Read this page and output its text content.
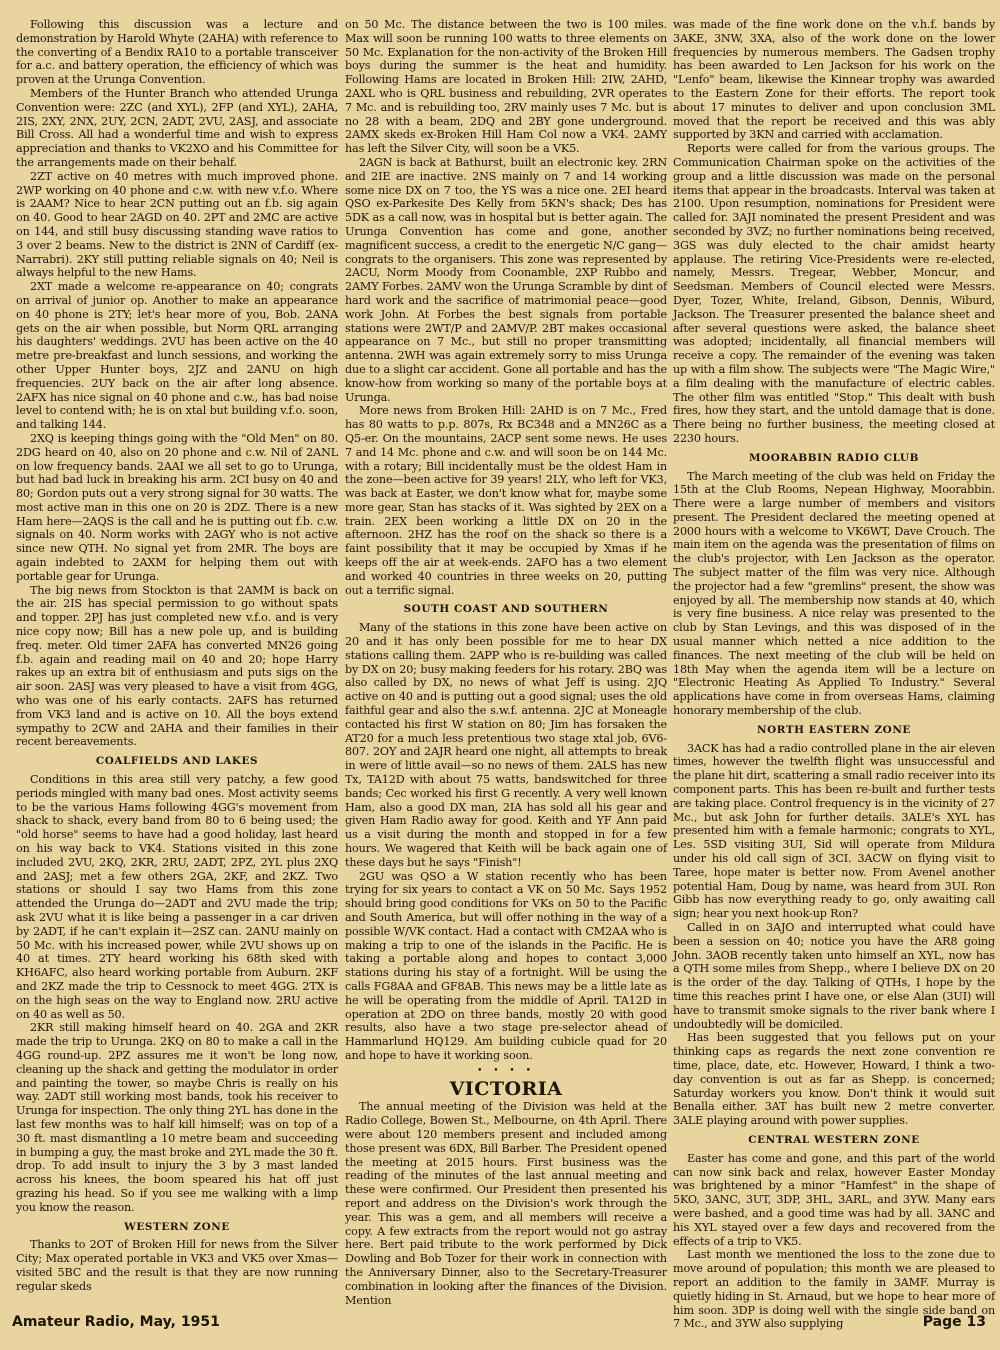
Following this discussion was a lecture and demonstration by Harold Whyte (2AHA) with reference to the converting of a Bendix RA10 to a portable transceiver for a.c. and battery operation, the efficiency of which was proven at the Urunga Convention.

Members of the Hunter Branch who attended Urunga Convention were: 2ZC (and XYL), 2FP (and XYL), 2AHA, 2IS, 2XY, 2NX, 2UY, 2CN, 2ADT, 2VU, 2ASJ, and associate Bill Cross. All had a wonderful time and wish to express appreciation and thanks to VK2XO and his Committee for the arrangements made on their behalf.

2ZT active on 40 metres with much improved phone. 2WP working on 40 phone and c.w. with new v.f.o. Where is 2AAM? Nice to hear 2CN putting out an f.b. sig again on 40. Good to hear 2AGD on 40. 2PT and 2MC are active on 144, and still busy discussing standing wave ratios to 3 over 2 beams. New to the district is 2NN of Cardiff (ex-Narrabri). 2KY still putting reliable signals on 40; Neil is always helpful to the new Hams.

2XT made a welcome re-appearance on 40; congrats on arrival of junior op. Another to make an appearance on 40 phone is 2TY; let's hear more of you, Bob. 2ANA gets on the air when possible, but Norm QRL arranging his daughters' weddings. 2VU has been active on the 40 metre pre-breakfast and lunch sessions, and working the other Upper Hunter boys, 2JZ and 2ANU on high frequencies. 2UY back on the air after long absence. 2AFX has nice signal on 40 phone and c.w., has bad noise level to contend with; he is on xtal but building v.f.o. soon, and talking 144.

2XQ is keeping things going with the "Old Men" on 80. 2DG heard on 40, also on 20 phone and c.w. Nil of 2ANL on low frequency bands. 2AAI we all set to go to Urunga, but had bad luck in breaking his arm. 2CI busy on 40 and 80; Gordon puts out a very strong signal for 30 watts. The most active man in this one on 20 is 2DZ. There is a new Ham here—2AQS is the call and he is putting out f.b. c.w. signals on 40. Norm works with 2AGY who is not active since new QTH. No signal yet from 2MR. The boys are again indebted to 2AXM for helping them out with portable gear for Urunga.

The big news from Stockton is that 2AMM is back on the air. 2IS has special permission to go without spats and topper. 2PJ has just completed new v.f.o. and is very nice copy now; Bill has a new pole up, and is building freq. meter. Old timer 2AFA has converted MN26 going f.b. again and reading mail on 40 and 20; hope Harry rakes up an extra bit of enthusiasm and puts sigs on the air soon. 2ASJ was very pleased to have a visit from 4GG, who was one of his early contacts. 2AFS has returned from VK3 land and is active on 10. All the boys extend sympathy to 2CW and 2AHA and their families in their recent bereavements.

COALFIELDS AND LAKES

Conditions in this area still very patchy, a few good periods mingled with many bad ones. Most activity seems to be the various Hams following 4GG's movement from shack to shack, every band from 80 to 6 being used; the "old horse" seems to have had a good holiday, last heard on his way back to VK4. Stations visited in this zone included 2VU, 2KQ, 2KR, 2RU, 2ADT, 2PZ, 2YL plus 2XQ and 2ASJ; met a few others 2GA, 2KF, and 2KZ. Two stations or should I say two Hams from this zone attended the Urunga do—2ADT and 2VU made the trip; ask 2VU what it is like being a passenger in a car driven by 2ADT, if he can't explain it—2SZ can. 2ANU mainly on 50 Mc. with his increased power, while 2VU shows up on 40 at times. 2TY heard working his 68th sked with KH6AFC, also heard working portable from Auburn. 2KF and 2KZ made the trip to Cessnock to meet 4GG. 2TX is on the high seas on the way to England now. 2RU active on 40 as well as 50.

2KR still making himself heard on 40. 2GA and 2KR made the trip to Urunga. 2KQ on 80 to make a call in the 4GG round-up. 2PZ assures me it won't be long now, cleaning up the shack and getting the modulator in order and painting the tower, so maybe Chris is really on his way. 2ADT still working most bands, took his receiver to Urunga for inspection. The only thing 2YL has done in the last few months was to half kill himself; was on top of a 30 ft. mast dismantling a 10 metre beam and succeeding in bumping a guy, the mast broke and 2YL made the 30 ft. drop. To add insult to injury the 3 by 3 mast landed across his knees, the boom speared his hat off just grazing his head. So if you see me walking with a limp you know the reason.

WESTERN ZONE

Thanks to 2OT of Broken Hill for news from the Silver City; Max operated portable in VK3 and VK5 over Xmas—visited 5BC and the result is that they are now running regular skeds

on 50 Mc. The distance between the two is 100 miles. Max will soon be running 100 watts to three elements on 50 Mc. Explanation for the non-activity of the Broken Hill boys during the summer is the heat and humidity. Following Hams are located in Broken Hill: 2IW, 2AHD, 2AXL who is QRL business and rebuilding, 2VR operates 7 Mc. and is rebuilding too, 2RV mainly uses 7 Mc. but is no 28 with a beam, 2DQ and 2BY gone underground. 2AMX skeds ex-Broken Hill Ham Col now a VK4. 2AMY has left the Silver City, will soon be a VK5.

2AGN is back at Bathurst, built an electronic key. 2RN and 2IE are inactive. 2NS mainly on 7 and 14 working some nice DX on 7 too, the YS was a nice one. 2EI heard QSO ex-Parkesite Des Kelly from 5KN's shack; Des has 5DK as a call now, was in hospital but is better again. The Urunga Convention has come and gone, another magnificent success, a credit to the energetic N/C gang—congrats to the organisers. This zone was represented by 2ACU, Norm Moody from Coonamble, 2XP Rubbo and 2AMY Forbes. 2AMV won the Urunga Scramble by dint of hard work and the sacrifice of matrimonial peace—good work John. At Forbes the best signals from portable stations were 2WT/P and 2AMV/P. 2BT makes occasional appearance on 7 Mc., but still no proper transmitting antenna. 2WH was again extremely sorry to miss Urunga due to a slight car accident. Gone all portable and has the know-how from working so many of the portable boys at Urunga.

More news from Broken Hill: 2AHD is on 7 Mc., Fred has 80 watts to p.p. 807s, Rx BC348 and a MN26C as a Q5-er. On the mountains, 2ACP sent some news. He uses 7 and 14 Mc. phone and c.w. and will soon be on 144 Mc. with a rotary; Bill incidentally must be the oldest Ham in the zone—been active for 39 years! 2LY, who left for VK3, was back at Easter, we don't know what for, maybe some more gear, Stan has stacks of it. Was sighted by 2EX on a train. 2EX been working a little DX on 20 in the afternoon. 2HZ has the roof on the shack so there is a faint possibility that it may be occupied by Xmas if he keeps off the air at week-ends. 2AFO has a two element and worked 40 countries in three weeks on 20, putting out a terrific signal.

SOUTH COAST AND SOUTHERN

Many of the stations in this zone have been active on 20 and it has only been possible for me to hear DX stations calling them. 2APP who is re-building was called by DX on 20; busy making feeders for his rotary. 2BQ was also called by DX, no news of what Jeff is using. 2JQ active on 40 and is putting out a good signal; uses the old faithful gear and also the s.w.f. antenna. 2JC at Moneagle contacted his first W station on 80; Jim has forsaken the AT20 for a much less pretentious two stage xtal job, 6V6-807. 2OY and 2AJR heard one night, all attempts to break in were of little avail—so no news of them. 2ALS has new Tx, TA12D with about 75 watts, bandswitched for three bands; Cec worked his first G recently. A very well known Ham, also a good DX man, 2IA has sold all his gear and given Ham Radio away for good. Keith and YF Ann paid us a visit during the month and stopped in for a few hours. We wagered that Keith will be back again one of these days but he says "Finish"!

2GU was QSO a W station recently who has been trying for six years to contact a VK on 50 Mc. Says 1952 should bring good conditions for VKs on 50 to the Pacific and South America, but will offer nothing in the way of a possible W/VK contact. Had a contact with CM2AA who is making a trip to one of the islands in the Pacific. He is taking a portable along and hopes to contact 3,000 stations during his stay of a fortnight. Will be using the calls FG8AA and GF8AB. This news may be a little late as he will be operating from the middle of April. TA12D in operation at 2DO on three bands, mostly 20 with good results, also have a two stage pre-selector ahead of Hammarlund HQ129. Am building cubicle quad for 20 and hope to have it working soon.

• • • •
VICTORIA

The annual meeting of the Division was held at the Radio College, Bowen St., Melbourne, on 4th April. There were about 120 members present and included among those present was 6DX, Bill Barber. The President opened the meeting at 2015 hours. First business was the reading of the minutes of the last annual meeting and these were confirmed. Our President then presented his report and address on the Division's work through the year. This was a gem, and all members will receive a copy. A few extracts from the report would not go astray here. Bert paid tribute to the work performed by Dick Dowling and Bob Tozer for their work in connection with the Anniversary Dinner, also to the Secretary-Treasurer combination in looking after the finances of the Division. Mention

was made of the fine work done on the v.h.f. bands by 3AKE, 3NW, 3XA, also of the work done on the lower frequencies by numerous members. The Gadsen trophy has been awarded to Len Jackson for his work on the "Lenfo" beam, likewise the Kinnear trophy was awarded to the Eastern Zone for their efforts. The report took about 17 minutes to deliver and upon conclusion 3ML moved that the report be received and this was ably supported by 3KN and carried with acclamation.

Reports were called for from the various groups. The Communication Chairman spoke on the activities of the group and a little discussion was made on the personal items that appear in the broadcasts. Interval was taken at 2100. Upon resumption, nominations for President were called for. 3AJI nominated the present President and was seconded by 3VZ; no further nominations being received, 3GS was duly elected to the chair amidst hearty applause. The retiring Vice-Presidents were re-elected, namely, Messrs. Tregear, Webber, Moncur, and Seedsman. Members of Council elected were Messrs. Dyer, Tozer, White, Ireland, Gibson, Dennis, Wiburd, Jackson. The Treasurer presented the balance sheet and after several questions were asked, the balance sheet was adopted; incidentally, all financial members will receive a copy. The remainder of the evening was taken up with a film show. The subjects were "The Magic Wire," a film dealing with the manufacture of electric cables. The other film was entitled "Stop." This dealt with bush fires, how they start, and the untold damage that is done. There being no further business, the meeting closed at 2230 hours.

MOORABBIN RADIO CLUB

The March meeting of the club was held on Friday the 15th at the Club Rooms, Nepean Highway, Moorabbin. There were a large number of members and visitors present. The President declared the meeting opened at 2000 hours with a welcome to VK6WT, Dave Crouch. The main item on the agenda was the presentation of films on the club's projector, with Len Jackson as the operator. The subject matter of the film was very nice. Although the projector had a few "gremlins" present, the show was enjoyed by all. The membership now stands at 40, which is very fine business. A nice relay was presented to the club by Stan Levings, and this was disposed of in the usual manner which netted a nice addition to the finances. The next meeting of the club will be held on 18th May when the agenda item will be a lecture on "Electronic Heating As Applied To Industry." Several applications have come in from overseas Hams, claiming honorary membership of the club.

NORTH EASTERN ZONE

3ACK has had a radio controlled plane in the air eleven times, however the twelfth flight was unsuccessful and the plane hit dirt, scattering a small radio receiver into its component parts. This has been re-built and further tests are taking place. Control frequency is in the vicinity of 27 Mc., but ask John for further details. 3ALE's XYL has presented him with a female harmonic; congrats to XYL, Les. 5SD visiting 3UI, Sid will operate from Mildura under his old call sign of 3CI. 3ACW on flying visit to Taree, hope mater is better now. From Avenel another potential Ham, Doug by name, was heard from 3UI. Ron Gibb has now everything ready to go, only awaiting call sign; hear you next hook-up Ron?

Called in on 3AJO and interrupted what could have been a session on 40; notice you have the AR8 going John. 3AOB recently taken unto himself an XYL, now has a QTH some miles from Shepp., where I believe DX on 20 is the order of the day. Talking of QTHs, I hope by the time this reaches print I have one, or else Alan (3UI) will have to transmit smoke signals to the river bank where I undoubtedly will be domiciled.

Has been suggested that you fellows put on your thinking caps as regards the next zone convention re time, place, date, etc. However, Howard, I think a two-day convention is out as far as Shepp. is concerned; Saturday workers you know. Don't think it would suit Benalla either. 3AT has built new 2 metre converter. 3ALE playing around with power supplies.

CENTRAL WESTERN ZONE

Easter has come and gone, and this part of the world can now sink back and relax, however Easter Monday was brightened by a minor "Hamfest" in the shape of 5KO, 3ANC, 3UT, 3DP, 3HL, 3ARL, and 3YW. Many ears were bashed, and a good time was had by all. 3ANC and his XYL stayed over a few days and recovered from the effects of a trip to VK5.

Last month we mentioned the loss to the zone due to move around of population; this month we are pleased to report an addition to the family in 3AMF. Murray is quietly hiding in St. Arnaud, but we hope to hear more of him soon. 3DP is doing well with the single side band on 7 Mc., and 3YW also supplying

Amateur Radio, May, 1951	Page 13
